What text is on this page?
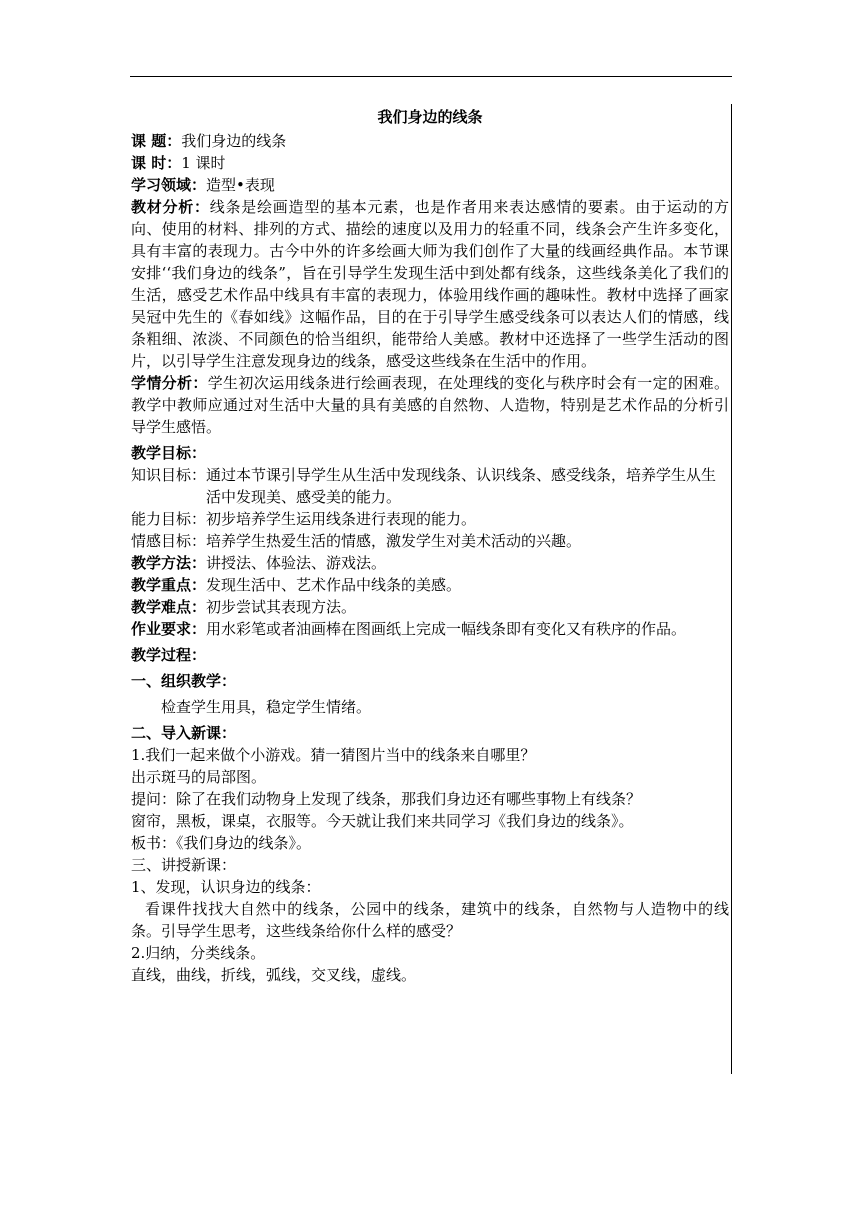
我们身边的线条

课 题：我们身边的线条

课 时：1 课时

学习领域：造型•表现

教材分析：线条是绘画造型的基本元素，也是作者用来表达感情的要素。由于运动的方向、使用的材料、排列的方式、描绘的速度以及用力的轻重不同，线条会产生许多变化，具有丰富的表现力。古今中外的许多绘画大师为我们创作了大量的线画经典作品。本节课安排‘‘我们身边的线条”，旨在引导学生发现生活中到处都有线条，这些线条美化了我们的生活，感受艺术作品中线具有丰富的表现力，体验用线作画的趣味性。教材中选择了画家吴冠中先生的《春如线》这幅作品，目的在于引导学生感受线条可以表达人们的情感，线条粗细、浓淡、不同颜色的恰当组织，能带给人美感。教材中还选择了一些学生活动的图片，以引导学生注意发现身边的线条，感受这些线条在生活中的作用。

学情分析：学生初次运用线条进行绘画表现，在处理线的变化与秩序时会有一定的困难。教学中教师应通过对生活中大量的具有美感的自然物、人造物，特别是艺术作品的分析引导学生感悟。

教学目标：

知识目标： 通过本节课引导学生从生活中发现线条、认识线条、感受线条，培养学生从生活中发现美、感受美的能力。
能力目标： 初步培养学生运用线条进行表现的能力。
情感目标： 培养学生热爱生活的情感，激发学生对美术活动的兴趣。

教学方法：讲授法、体验法、游戏法。

教学重点：发现生活中、艺术作品中线条的美感。

教学难点：初步尝试其表现方法。

作业要求：用水彩笔或者油画棒在图画纸上完成一幅线条即有变化又有秩序的作品。

教学过程：

一、组织教学：

检查学生用具，稳定学生情绪。

二、导入新课：

1.我们一起来做个小游戏。猜一猜图片当中的线条来自哪里？

出示斑马的局部图。

提问：除了在我们动物身上发现了线条，那我们身边还有哪些事物上有线条？

窗帘，黑板，课桌，衣服等。今天就让我们来共同学习《我们身边的线条》。

板书：《我们身边的线条》。

三、讲授新课：

1、发现，认识身边的线条：

看课件找找大自然中的线条，公园中的线条，建筑中的线条，自然物与人造物中的线条。引导学生思考，这些线条给你什么样的感受？

2.归纳，分类线条。

直线，曲线，折线，弧线，交叉线，虚线。
